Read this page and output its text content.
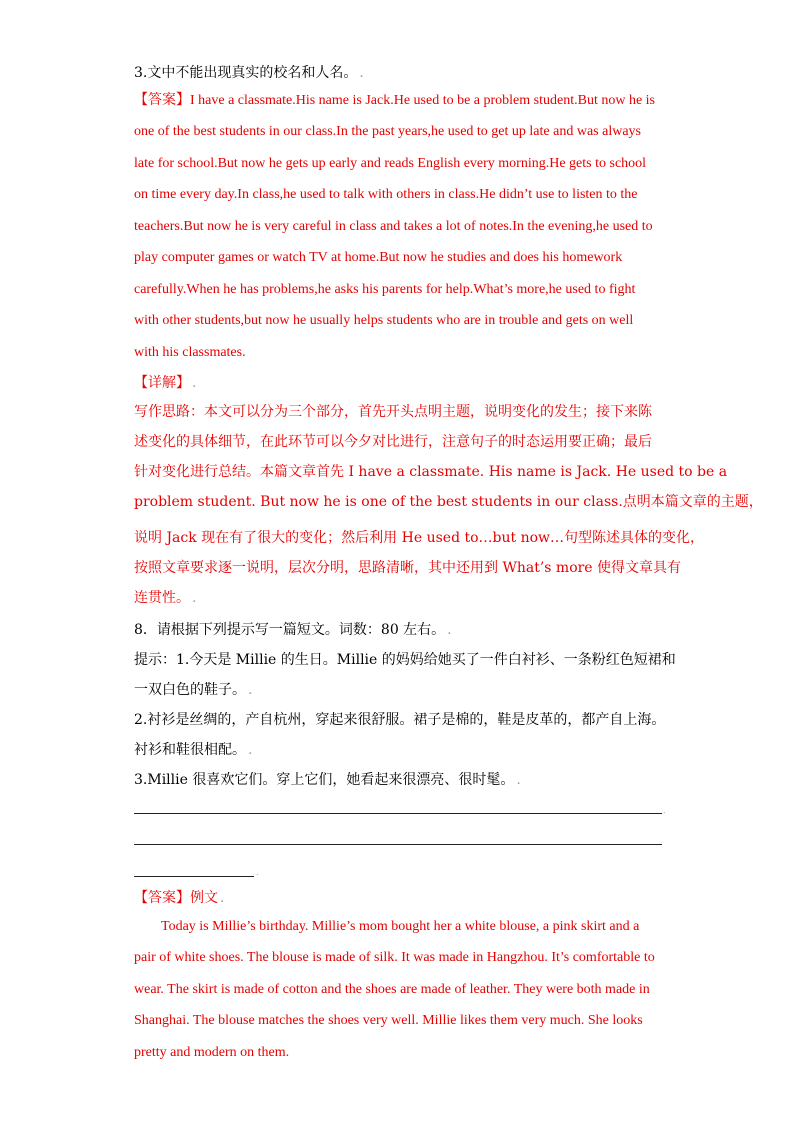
3.文中不能出现真实的校名和人名。 .
【答案】I have a classmate.His name is Jack.He used to be a problem student.But now he is
one of the best students in our class.In the past years,he used to get up late and was always
late for school.But now he gets up early and reads English every morning.He gets to school
on time every day.In class,he used to talk with others in class.He didn’t use to listen to the
teachers.But now he is very careful in class and takes a lot of notes.In the evening,he used to
play computer games or watch TV at home.But now he studies and does his homework
carefully.When he has problems,he asks his parents for help.What’s more,he used to fight
with other students,but now he usually helps students who are in trouble and gets on well
with his classmates.
【详解】 .
写作思路：本文可以分为三个部分，首先开头点明主题，说明变化的发生；接下来陈
述变化的具体细节，在此环节可以今夕对比进行，注意句子的时态运用要正确；最后
针对变化进行总结。本篇文章首先 I have a classmate. His name is Jack. He used to be a
problem student. But now he is one of the best students in our class.点明本篇文章的主题，
说明 Jack 现在有了很大的变化；然后利用 He used to…but now…句型陈述具体的变化，
按照文章要求逐一说明，层次分明，思路清晰，其中还用到 What’s more 使得文章具有
连贯性。 .
8．请根据下列提示写一篇短文。词数：80 左右。 .
提示：1.今天是 Millie 的生日。Millie 的妈妈给她买了一件白衬衫、一条粉红色短裙和
一双白色的鞋子。 .
2.衬衫是丝绸的，产自杭州，穿起来很舒服。裙子是棉的，鞋是皮革的，都产自上海。
衬衫和鞋很相配。 .
3.Millie 很喜欢它们。穿上它们，她看起来很漂亮、很时髦。 .
.
.
【答案】例文 .
Today is Millie’s birthday. Millie’s mom bought her a white blouse, a pink skirt and a
pair of white shoes. The blouse is made of silk. It was made in Hangzhou. It’s comfortable to
wear. The skirt is made of cotton and the shoes are made of leather. They were both made in
Shanghai. The blouse matches the shoes very well. Millie likes them very much. She looks
pretty and modern on them.
